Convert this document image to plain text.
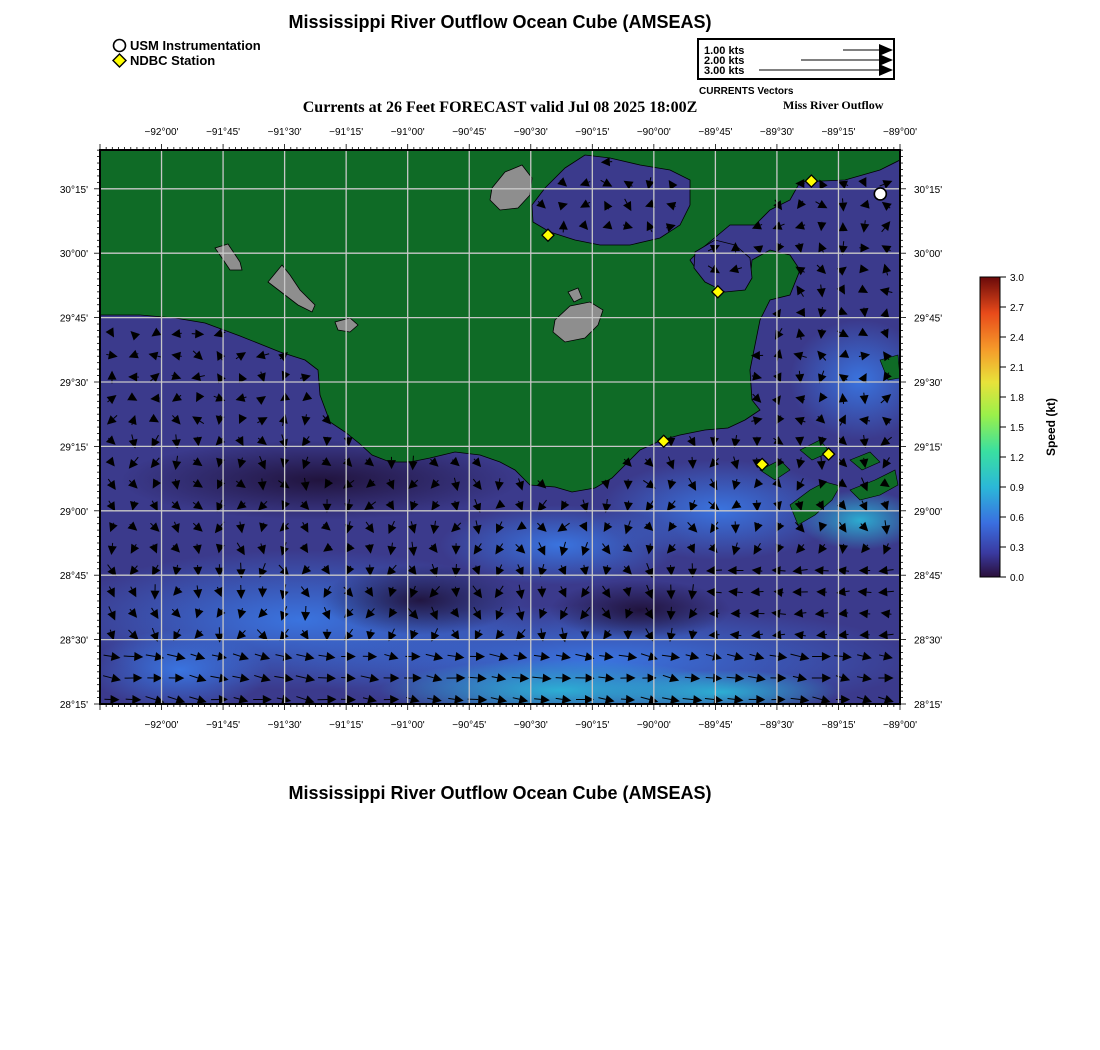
Mississippi River Outflow Ocean Cube (AMSEAS)
USM Instrumentation
NDBC Station
1.00 kts
2.00 kts
3.00 kts
CURRENTS Vectors
Currents at 26 Feet FORECAST valid Jul 08 2025 18:00Z	Miss River Outflow
−92°00'	−91°45'	−91°30'	−91°15'	−91°00'	−90°45'	−90°30'	−90°15'	−90°00'	−89°45'	−89°30'	−89°15'	−89°00'
−92°00'	−91°45'	−91°30'	−91°15'	−91°00'	−90°45'	−90°30'	−90°15'	−90°00'	−89°45'	−89°30'	−89°15'	−89°00'
30°15'
30°00'
29°45'
29°30'
29°15'
29°00'
28°45'
28°30'
28°15'
30°15'
30°00'
29°45'
29°30'
29°15'
29°00'
28°45'
28°30'
28°15'
3.0
2.7
2.4
2.1
1.8
1.5
1.2
0.9
0.6
0.3
0.0
Speed (kt)
Mississippi River Outflow Ocean Cube (AMSEAS)
